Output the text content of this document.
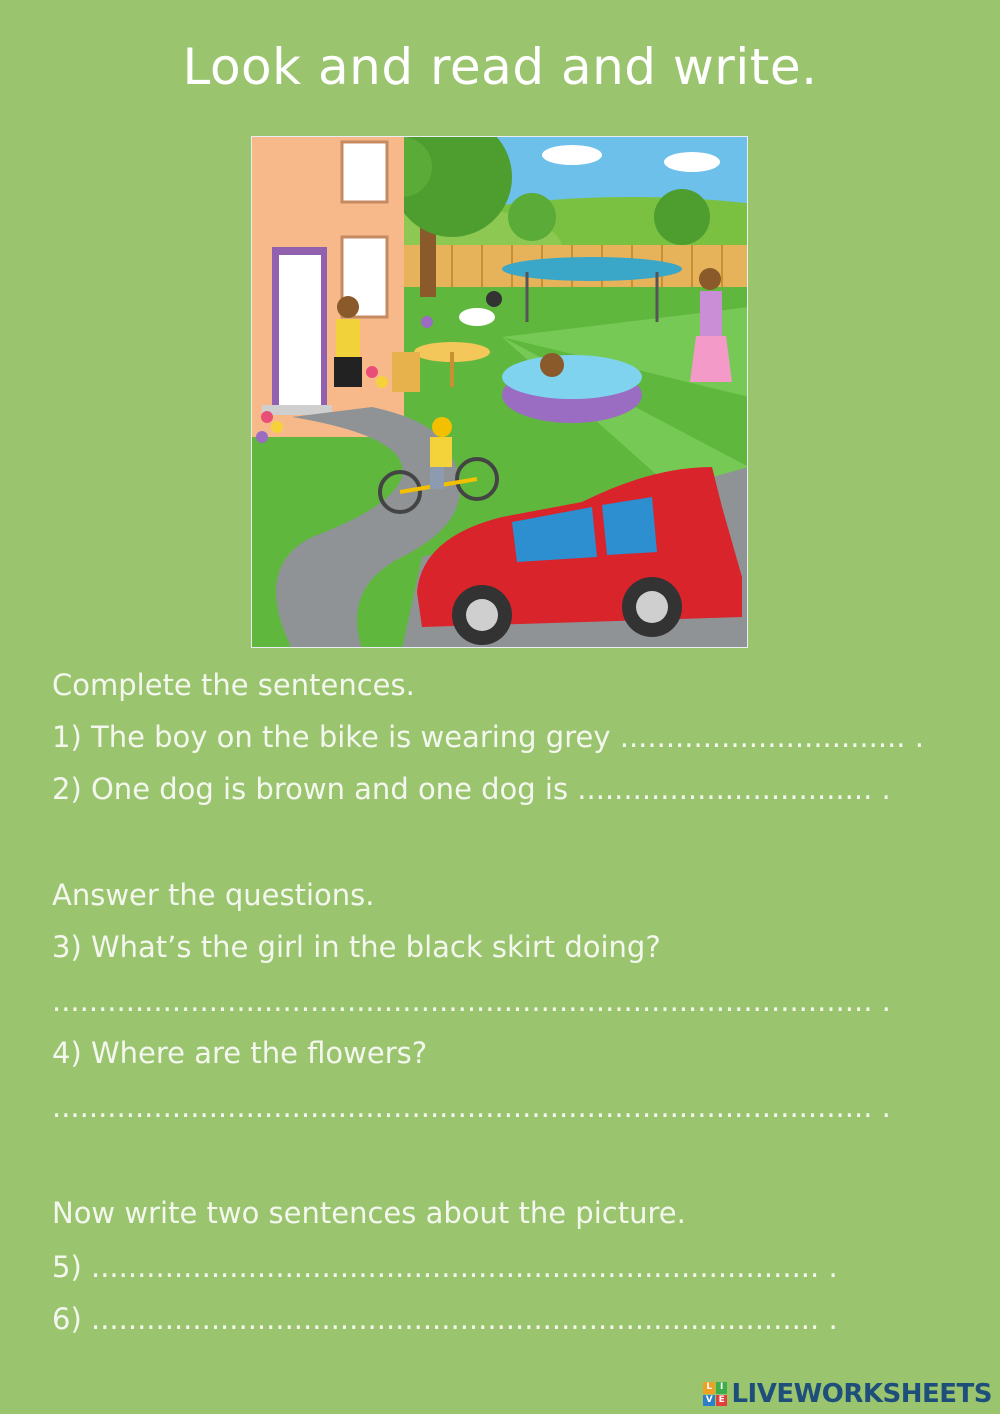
Look and read and write.
Complete the sentences.
1) The boy on the bike is wearing grey ............................... .
2) One dog is brown and one dog is ................................ .
Answer the questions.
3) What’s the girl in the black skirt doing?
......................................................................................... .
4) Where are the flowers?
......................................................................................... .
Now write two sentences about the picture.
5) ............................................................................... .
6) ............................................................................... .
L I
V E LIVEWORKSHEETS
